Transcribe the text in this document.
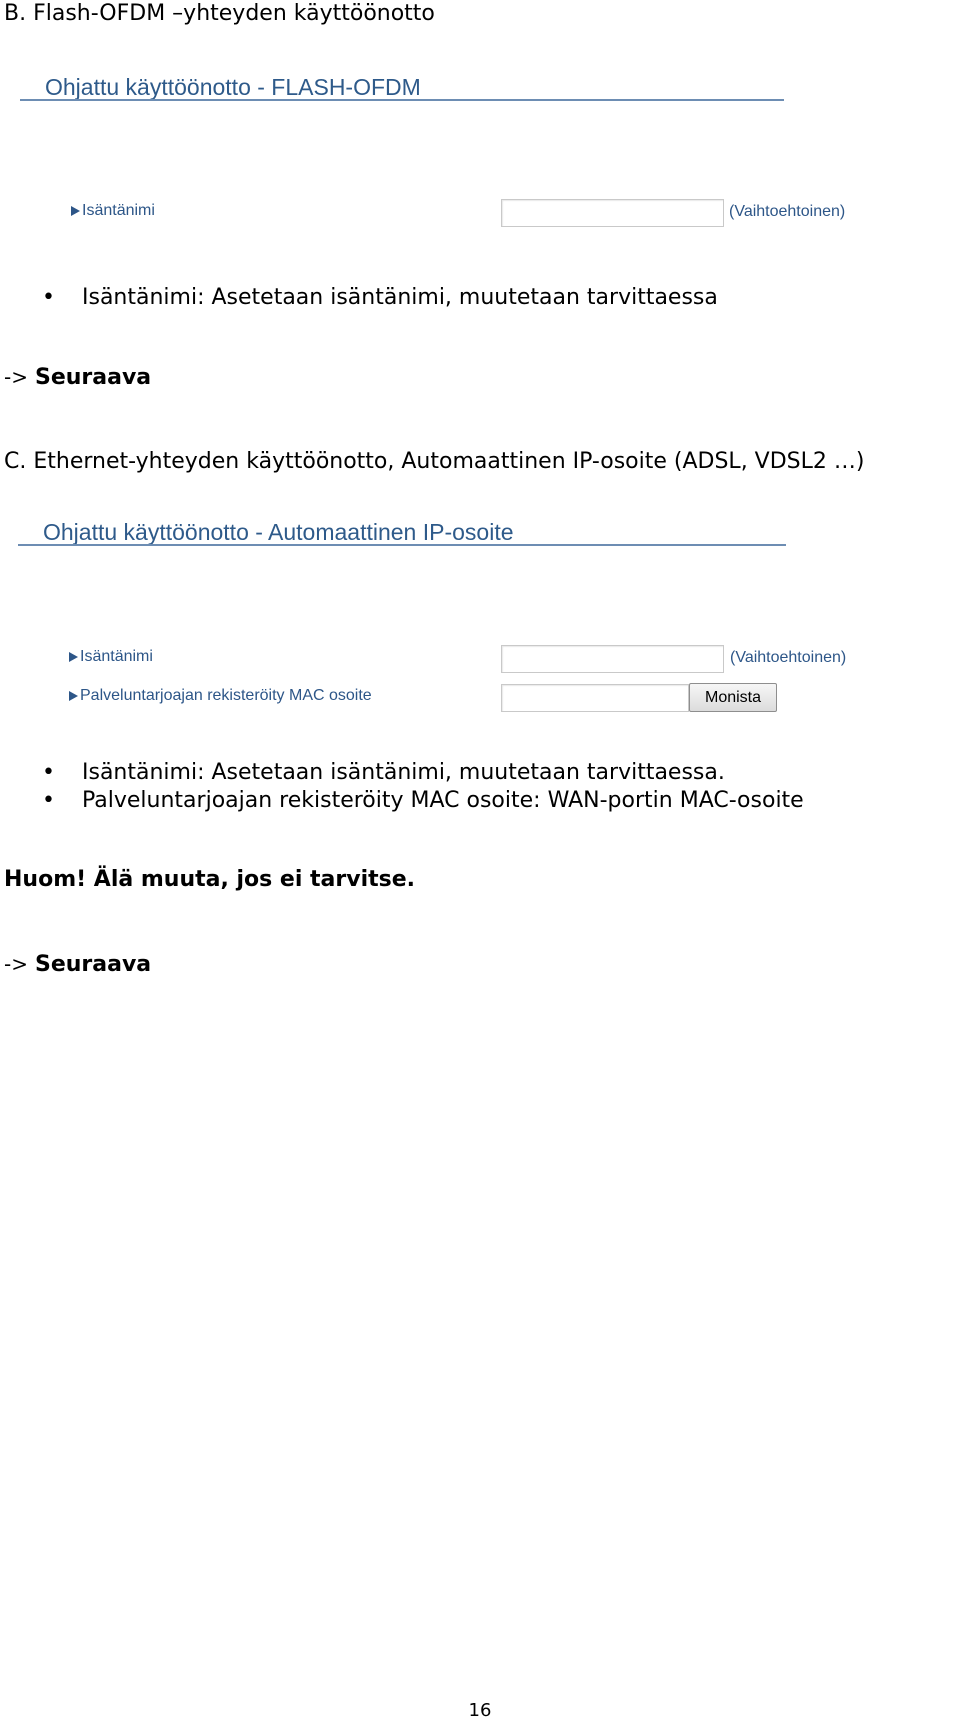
B. Flash-OFDM –yhteyden käyttöönotto
Ohjattu käyttöönotto - FLASH-OFDM
Isäntänimi	(Vaihtoehtoinen)
•	Isäntänimi: Asetetaan isäntänimi, muutetaan tarvittaessa
-> Seuraava
C. Ethernet-yhteyden käyttöönotto, Automaattinen IP-osoite (ADSL, VDSL2 …)
Ohjattu käyttöönotto - Automaattinen IP-osoite
Isäntänimi	(Vaihtoehtoinen)
Palveluntarjoajan rekisteröity MAC osoite	Monista
•	Isäntänimi: Asetetaan isäntänimi, muutetaan tarvittaessa.
•	Palveluntarjoajan rekisteröity MAC osoite: WAN-portin MAC-osoite
Huom! Älä muuta, jos ei tarvitse.
-> Seuraava
16
